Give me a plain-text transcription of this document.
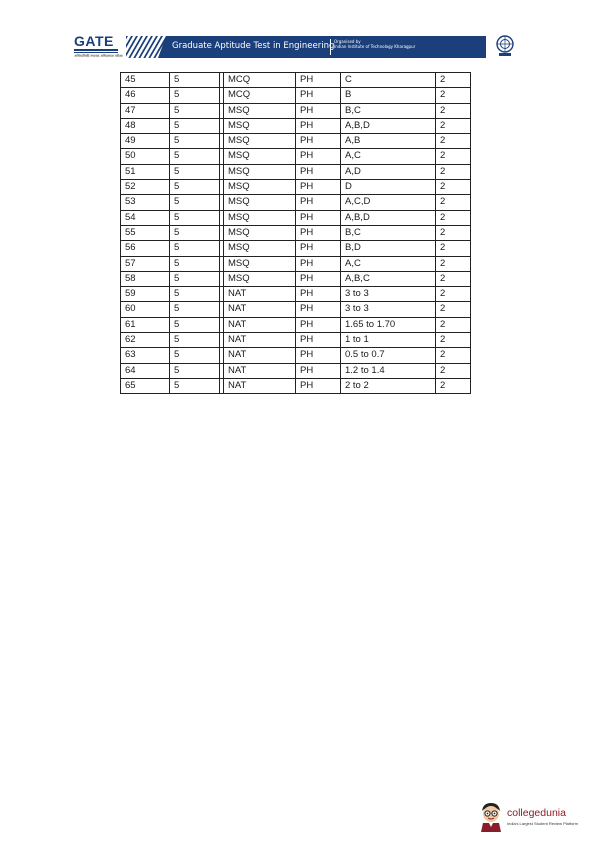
GATE
अभियांत्रिकी स्नातक अभिक्षमता परीक्षा
Graduate Aptitude Test in Engineering Organised by
Indian Institute of Technology Kharagpur
45	5		MCQ	PH	C	2
46	5		MCQ	PH	B	2
47	5		MSQ	PH	B,C	2
48	5		MSQ	PH	A,B,D	2
49	5		MSQ	PH	A,B	2
50	5		MSQ	PH	A,C	2
51	5		MSQ	PH	A,D	2
52	5		MSQ	PH	D	2
53	5		MSQ	PH	A,C,D	2
54	5		MSQ	PH	A,B,D	2
55	5		MSQ	PH	B,C	2
56	5		MSQ	PH	B,D	2
57	5		MSQ	PH	A,C	2
58	5		MSQ	PH	A,B,C	2
59	5		NAT	PH	3 to 3	2
60	5		NAT	PH	3 to 3	2
61	5		NAT	PH	1.65 to 1.70	2
62	5		NAT	PH	1 to 1	2
63	5		NAT	PH	0.5 to 0.7	2
64	5		NAT	PH	1.2 to 1.4	2
65	5		NAT	PH	2 to 2	2
collegedunia
India's Largest Student Review Platform
